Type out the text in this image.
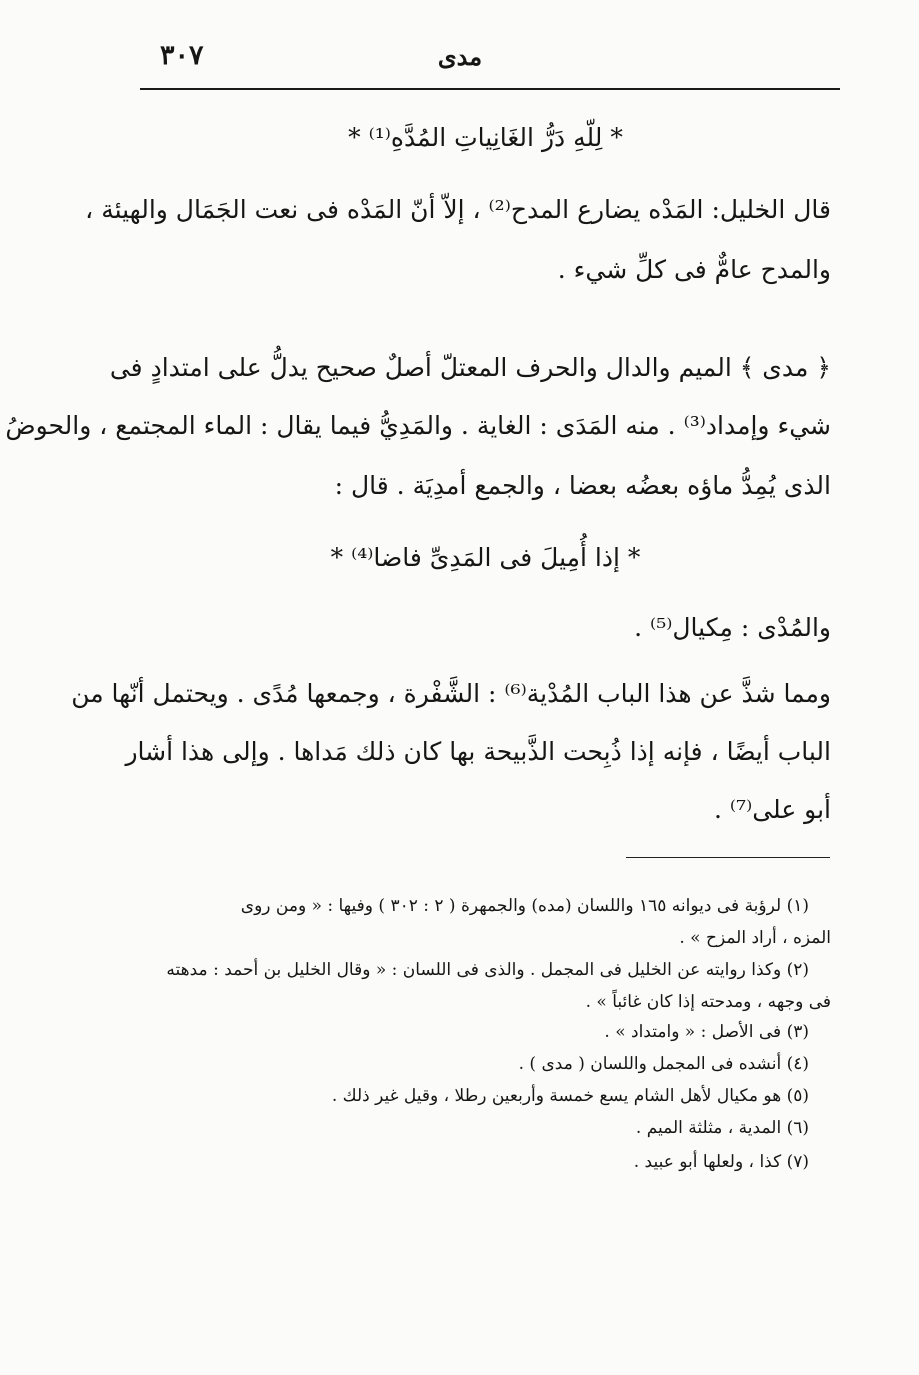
مدى
٣٠٧
* لِلّهِ دَرُّ الغَانِياتِ المُدَّهِ⁽¹⁾ *
قال الخليل: المَدْه يضارع المدح⁽²⁾ ، إلاّ أنّ المَدْه فى نعت الجَمَال والهيئة ،
والمدح عامٌّ فى كلِّ شيء .
﴿ مدى ﴾ الميم والدال والحرف المعتلّ أصلٌ صحيح يدلُّ على امتدادٍ فى
شيء وإمداد⁽³⁾ . منه المَدَى : الغاية . والمَدِيُّ فيما يقال : الماء المجتمع ، والحوضُ
الذى يُمِدُّ ماؤه بعضُه بعضا ، والجمع أمدِيَة . قال :
* إذا أُمِيلَ فى المَدِىِّ فاضا⁽⁴⁾ *
والمُدْى : مِكيال⁽⁵⁾ .
ومما شذَّ عن هذا الباب المُدْية⁽⁶⁾ : الشَّفْرة ، وجمعها مُدًى . ويحتمل أنّها من
الباب أيضًا ، فإنه إذا ذُبِحت الذَّبيحة بها كان ذلك مَداها . وإلى هذا أشار
أبو على⁽⁷⁾ .
(١) لرؤبة فى ديوانه ١٦٥ واللسان (مده) والجمهرة ( ٢ : ٣٠٢ ) وفيها : « ومن روى
المزه ، أراد المزح » .
(٢) وكذا روايته عن الخليل فى المجمل . والذى فى اللسان : « وقال الخليل بن أحمد : مدهته
فى وجهه ، ومدحته إذا كان غائباً » .
(٣) فى الأصل : « وامتداد » .
(٤) أنشده فى المجمل واللسان ( مدى ) .
(٥) هو مكيال لأهل الشام يسع خمسة وأربعين رطلا ، وقيل غير ذلك .
(٦) المدية ، مثلثة الميم .
(٧) كذا ، ولعلها أبو عبيد .
